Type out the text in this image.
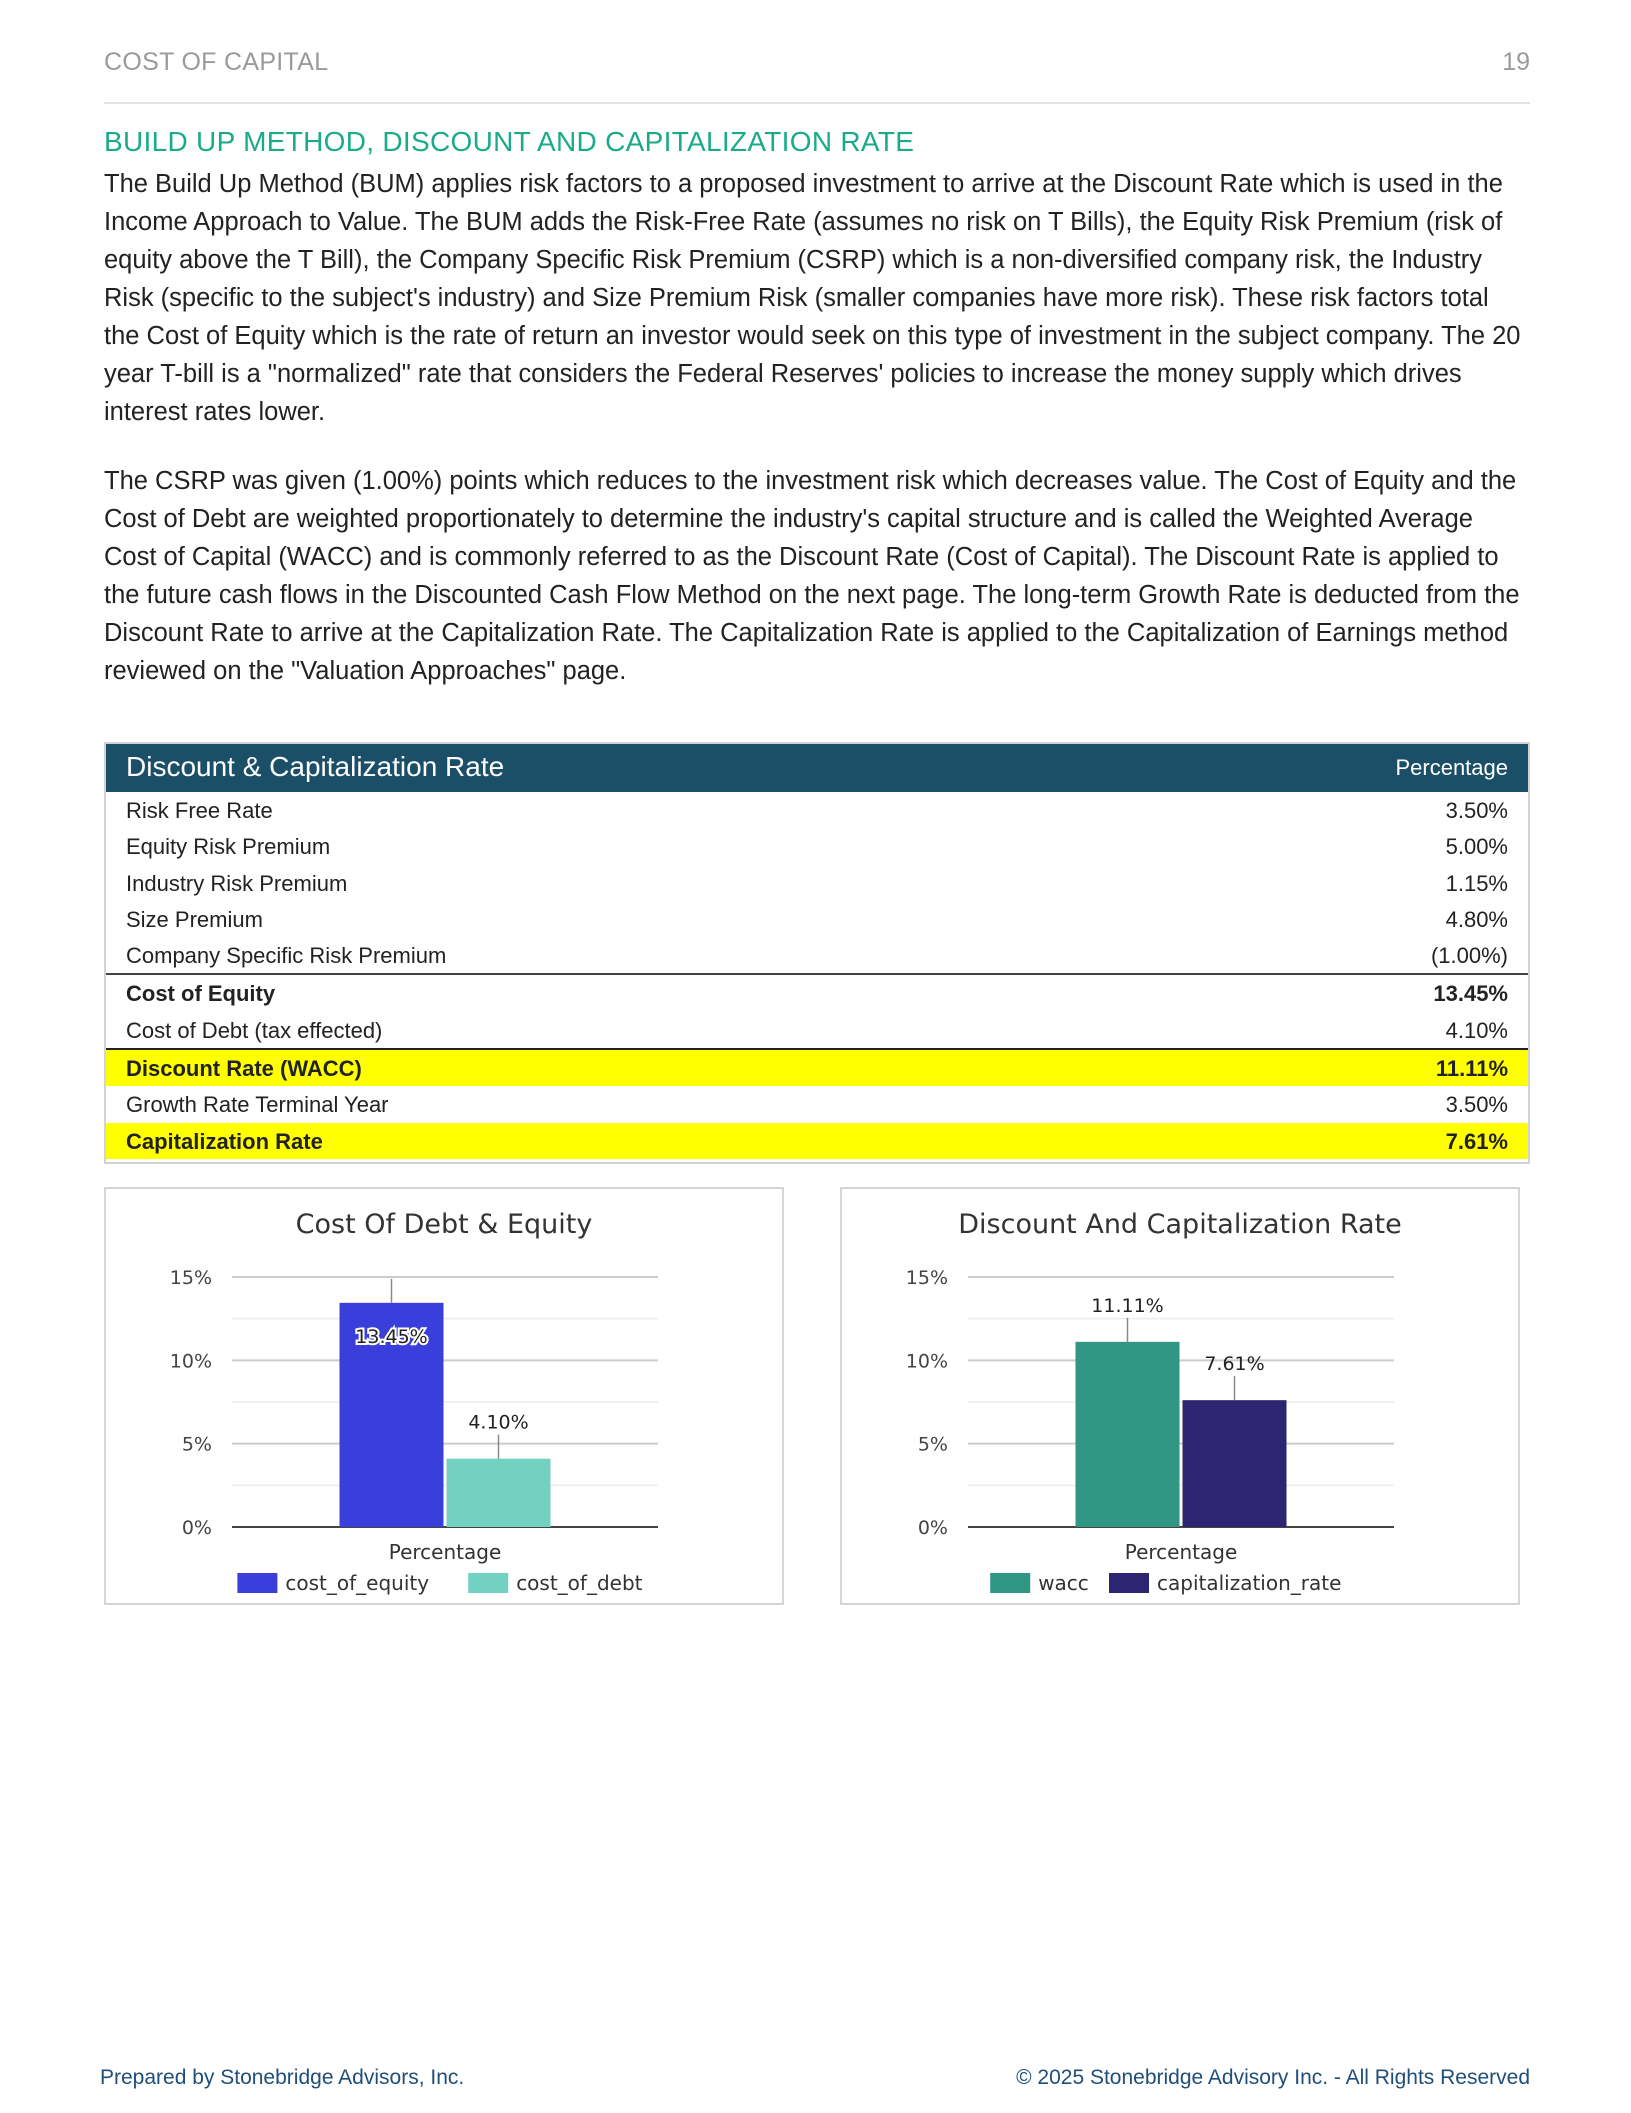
COST OF CAPITAL	19
BUILD UP METHOD, DISCOUNT AND CAPITALIZATION RATE

The Build Up Method (BUM) applies risk factors to a proposed investment to arrive at the Discount Rate which is used in the Income Approach to Value. The BUM adds the Risk-Free Rate (assumes no risk on T Bills), the Equity Risk Premium (risk of equity above the T Bill), the Company Specific Risk Premium (CSRP) which is a non-diversified company risk, the Industry Risk (specific to the subject's industry) and Size Premium Risk (smaller companies have more risk). These risk factors total the Cost of Equity which is the rate of return an investor would seek on this type of investment in the subject company. The 20 year T-bill is a "normalized" rate that considers the Federal Reserves' policies to increase the money supply which drives interest rates lower.

The CSRP was given (1.00%) points which reduces to the investment risk which decreases value. The Cost of Equity and the Cost of Debt are weighted proportionately to determine the industry's capital structure and is called the Weighted Average Cost of Capital (WACC) and is commonly referred to as the Discount Rate (Cost of Capital). The Discount Rate is applied to the future cash flows in the Discounted Cash Flow Method on the next page. The long-term Growth Rate is deducted from the Discount Rate to arrive at the Capitalization Rate. The Capitalization Rate is applied to the Capitalization of Earnings method reviewed on the "Valuation Approaches" page.

Discount & Capitalization Rate	Percentage
Risk Free Rate	3.50%
Equity Risk Premium	5.00%
Industry Risk Premium	1.15%
Size Premium	4.80%
Company Specific Risk Premium	(1.00%)
Cost of Equity	13.45%
Cost of Debt (tax effected)	4.10%
Discount Rate (WACC)	11.11%
Growth Rate Terminal Year	3.50%
Capitalization Rate	7.61%
Cost Of Debt & Equity
0%
5%
10%
15%
13.45%
4.10%
Percentage
cost_of_equity	cost_of_debt
Discount And Capitalization Rate
0%
5%
10%
15%
11.11%
7.61%
Percentage
wacc	capitalization_rate
Prepared by Stonebridge Advisors, Inc.	© 2025 Stonebridge Advisory Inc. - All Rights Reserved
